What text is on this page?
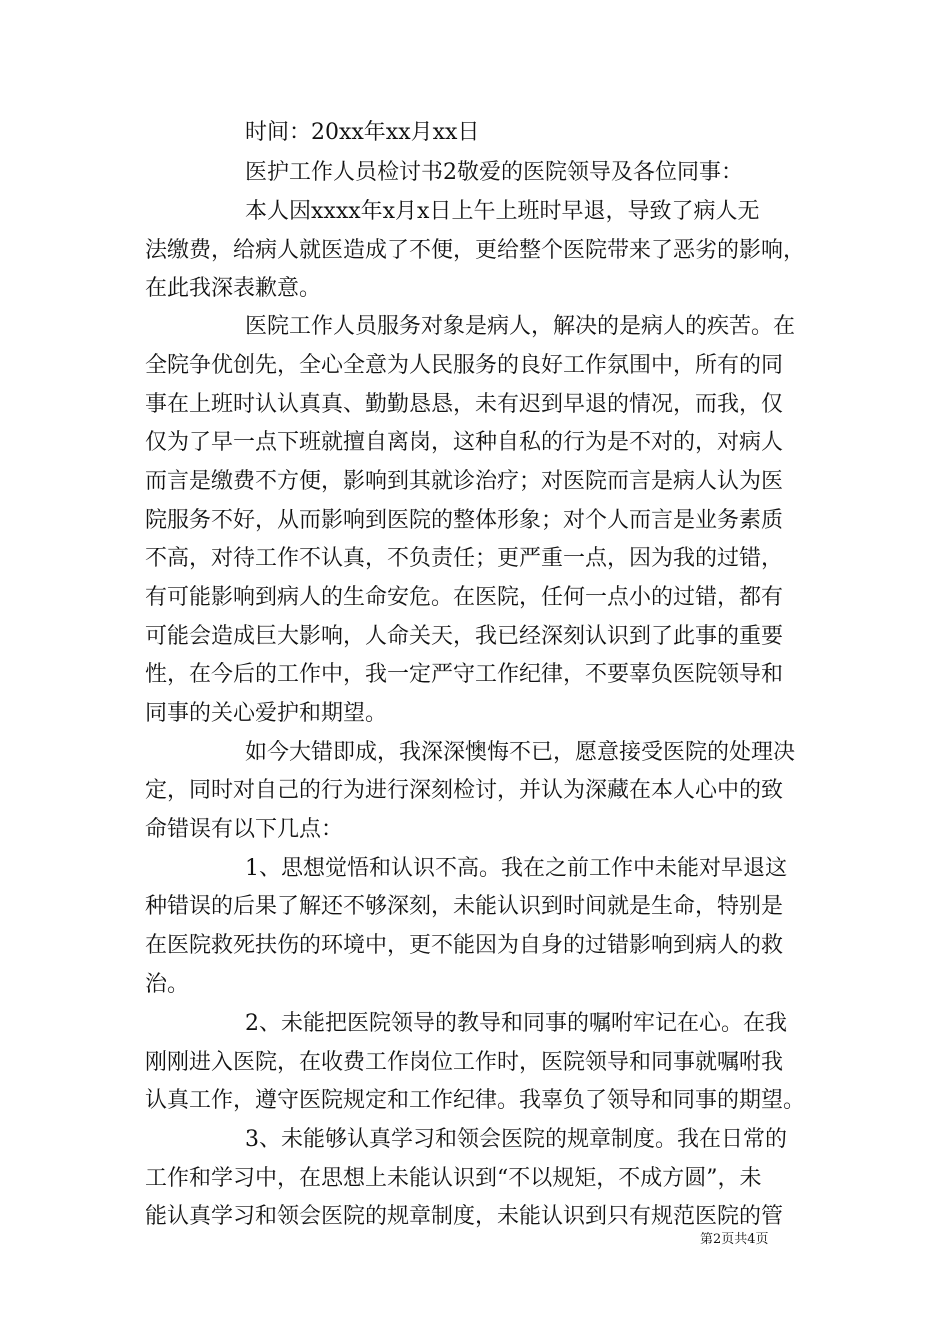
时间：20xx年xx月xx日
医护工作人员检讨书2敬爱的医院领导及各位同事：
本人因xxxx年x月x日上午上班时早退，导致了病人无
法缴费，给病人就医造成了不便，更给整个医院带来了恶劣的影响，
在此我深表歉意。
医院工作人员服务对象是病人，解决的是病人的疾苦。在
全院争优创先，全心全意为人民服务的良好工作氛围中，所有的同
事在上班时认认真真、勤勤恳恳，未有迟到早退的情况，而我，仅
仅为了早一点下班就擅自离岗，这种自私的行为是不对的，对病人
而言是缴费不方便，影响到其就诊治疗；对医院而言是病人认为医
院服务不好，从而影响到医院的整体形象；对个人而言是业务素质
不高，对待工作不认真，不负责任；更严重一点，因为我的过错，
有可能影响到病人的生命安危。在医院，任何一点小的过错，都有
可能会造成巨大影响，人命关天，我已经深刻认识到了此事的重要
性，在今后的工作中，我一定严守工作纪律，不要辜负医院领导和
同事的关心爱护和期望。
如今大错即成，我深深懊悔不已，愿意接受医院的处理决
定，同时对自己的行为进行深刻检讨，并认为深藏在本人心中的致
命错误有以下几点：
1、思想觉悟和认识不高。我在之前工作中未能对早退这
种错误的后果了解还不够深刻，未能认识到时间就是生命，特别是
在医院救死扶伤的环境中，更不能因为自身的过错影响到病人的救
治。
2、未能把医院领导的教导和同事的嘱咐牢记在心。在我
刚刚进入医院，在收费工作岗位工作时，医院领导和同事就嘱咐我
认真工作，遵守医院规定和工作纪律。我辜负了领导和同事的期望。
3、未能够认真学习和领会医院的规章制度。我在日常的
工作和学习中，在思想上未能认识到“不以规矩，不成方圆”，未
能认真学习和领会医院的规章制度，未能认识到只有规范医院的管
第2页共4页
